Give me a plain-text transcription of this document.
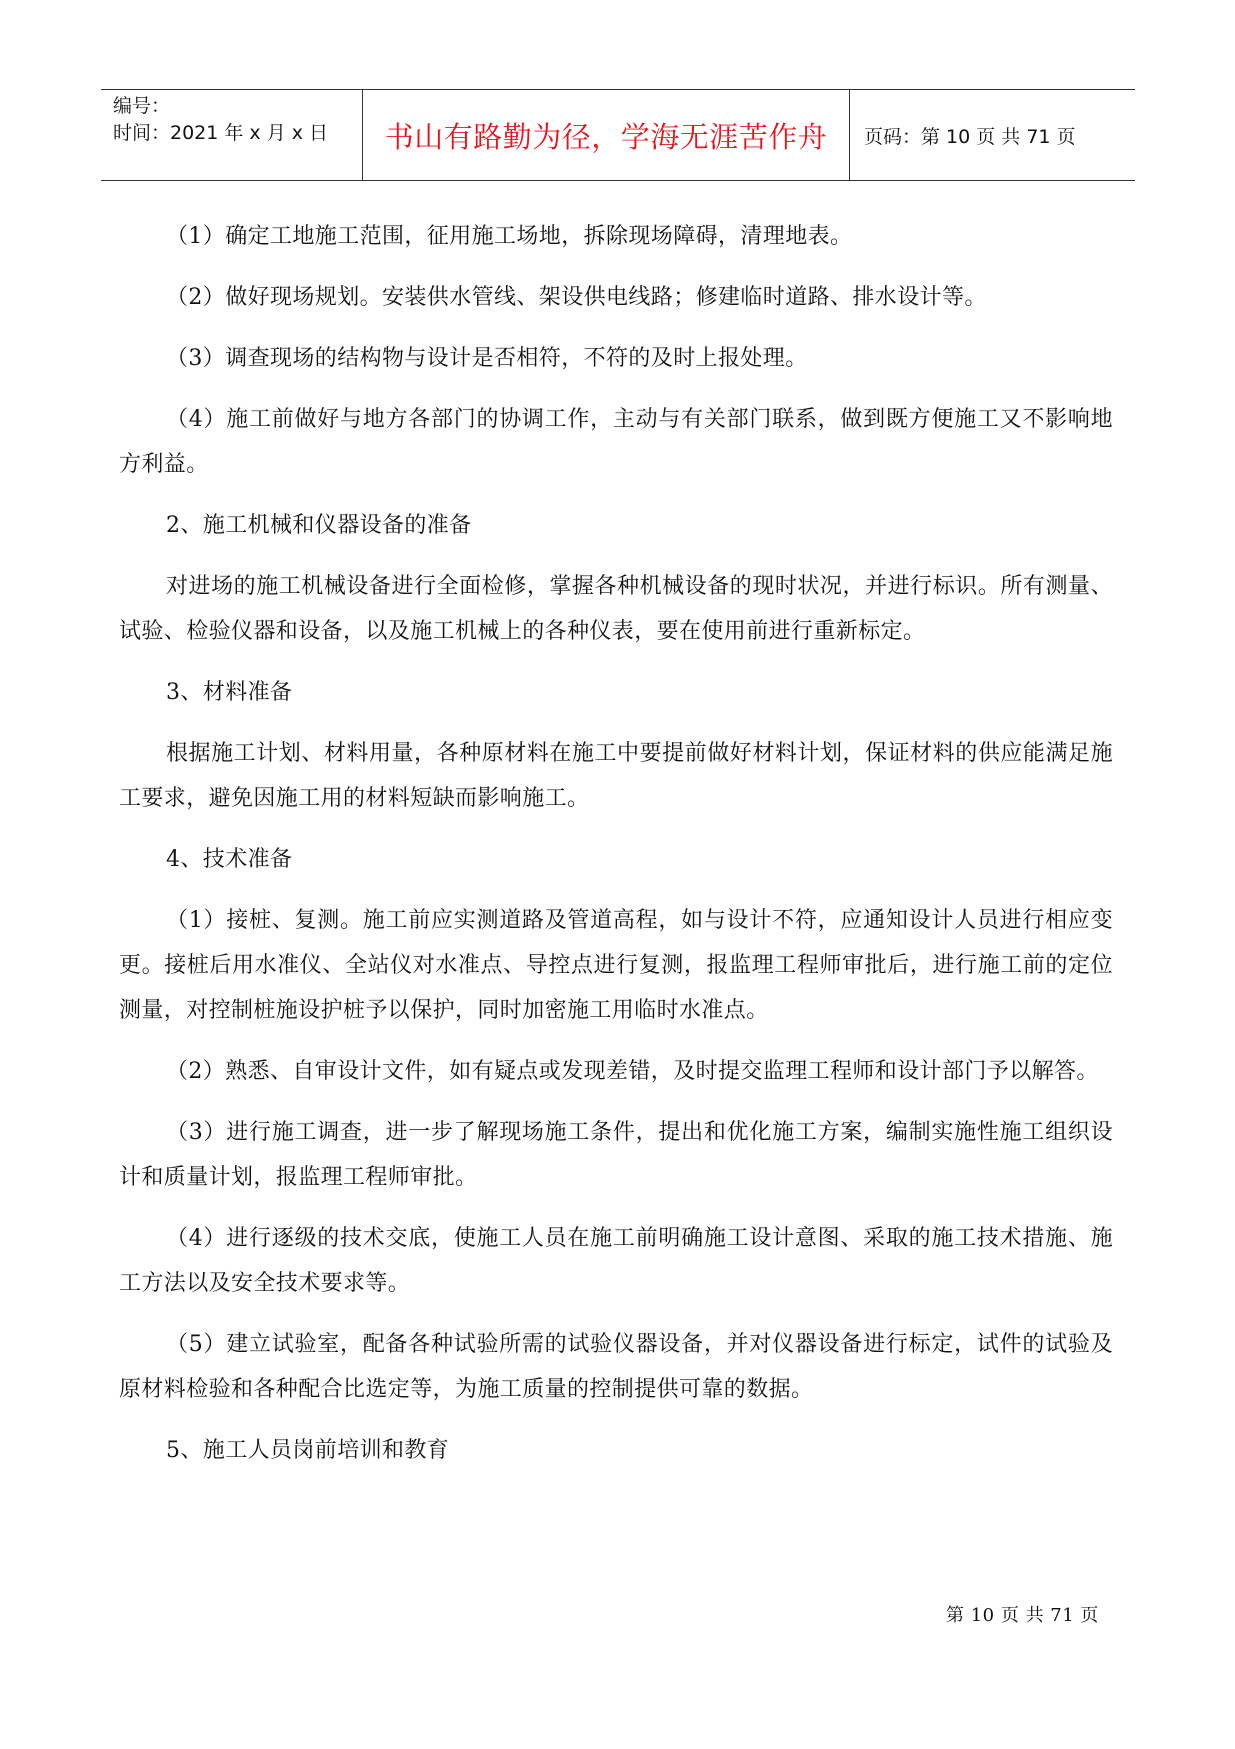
编号：
时间：2021 年 x 月 x 日	书山有路勤为径，学海无涯苦作舟 页码：第 10 页 共 71 页

（1）确定工地施工范围，征用施工场地，拆除现场障碍，清理地表。

（2）做好现场规划。安装供水管线、架设供电线路；修建临时道路、排水设计等。

（3）调查现场的结构物与设计是否相符，不符的及时上报处理。

（4）施工前做好与地方各部门的协调工作，主动与有关部门联系，做到既方便施工又不影响地方利益。

2、施工机械和仪器设备的准备

对进场的施工机械设备进行全面检修，掌握各种机械设备的现时状况，并进行标识。所有测量、试验、检验仪器和设备，以及施工机械上的各种仪表，要在使用前进行重新标定。

3、材料准备

根据施工计划、材料用量，各种原材料在施工中要提前做好材料计划，保证材料的供应能满足施工要求，避免因施工用的材料短缺而影响施工。

4、技术准备

（1）接桩、复测。施工前应实测道路及管道高程，如与设计不符，应通知设计人员进行相应变更。接桩后用水准仪、全站仪对水准点、导控点进行复测，报监理工程师审批后，进行施工前的定位测量，对控制桩施设护桩予以保护，同时加密施工用临时水准点。

（2）熟悉、自审设计文件，如有疑点或发现差错，及时提交监理工程师和设计部门予以解答。

（3）进行施工调查，进一步了解现场施工条件，提出和优化施工方案，编制实施性施工组织设计和质量计划，报监理工程师审批。

（4）进行逐级的技术交底，使施工人员在施工前明确施工设计意图、采取的施工技术措施、施工方法以及安全技术要求等。

（5）建立试验室，配备各种试验所需的试验仪器设备，并对仪器设备进行标定，试件的试验及原材料检验和各种配合比选定等，为施工质量的控制提供可靠的数据。

5、施工人员岗前培训和教育

第 10 页 共 71 页
